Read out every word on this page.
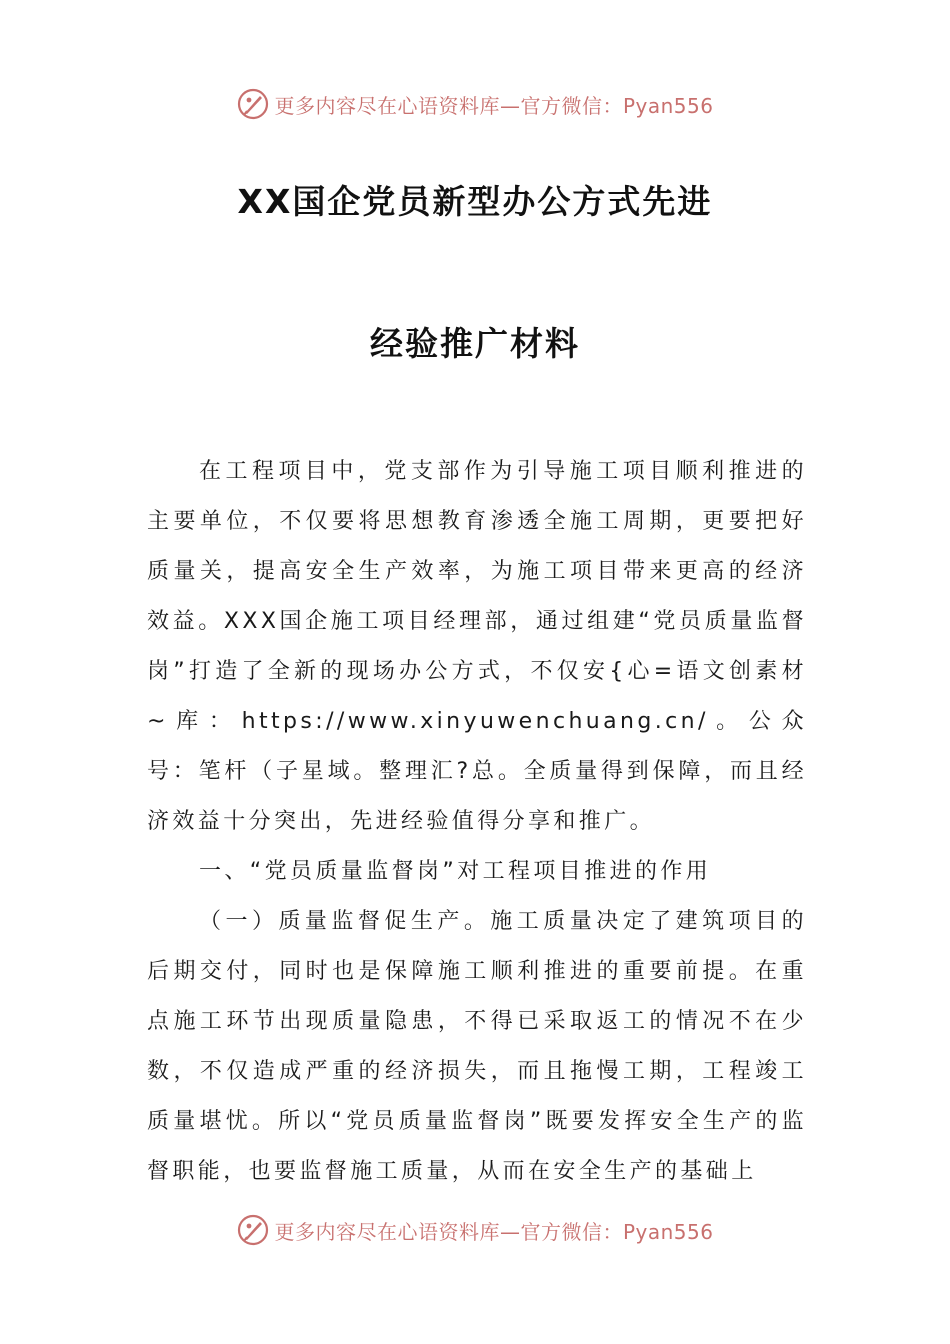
更多内容尽在心语资料库—官方微信：Pyan556
XX国企党员新型办公方式先进
经验推广材料

在工程项目中，党支部作为引导施工项目顺利推进的主要单位，不仅要将思想教育渗透全施工周期，更要把好质量关，提高安全生产效率，为施工项目带来更高的经济效益。XXX国企施工项目经理部，通过组建“党员质量监督岗”打造了全新的现场办公方式，不仅安{心=语文创素材~库：https://www.xinyuwenchuang.cn/。公众号：笔杆（子星域。整理汇?总。全质量得到保障，而且经济效益十分突出，先进经验值得分享和推广。

一、“党员质量监督岗”对工程项目推进的作用

（一）质量监督促生产。施工质量决定了建筑项目的后期交付，同时也是保障施工顺利推进的重要前提。在重点施工环节出现质量隐患，不得已采取返工的情况不在少数，不仅造成严重的经济损失，而且拖慢工期，工程竣工质量堪忧。所以“党员质量监督岗”既要发挥安全生产的监督职能，也要监督施工质量，从而在安全生产的基础上

更多内容尽在心语资料库—官方微信：Pyan556
